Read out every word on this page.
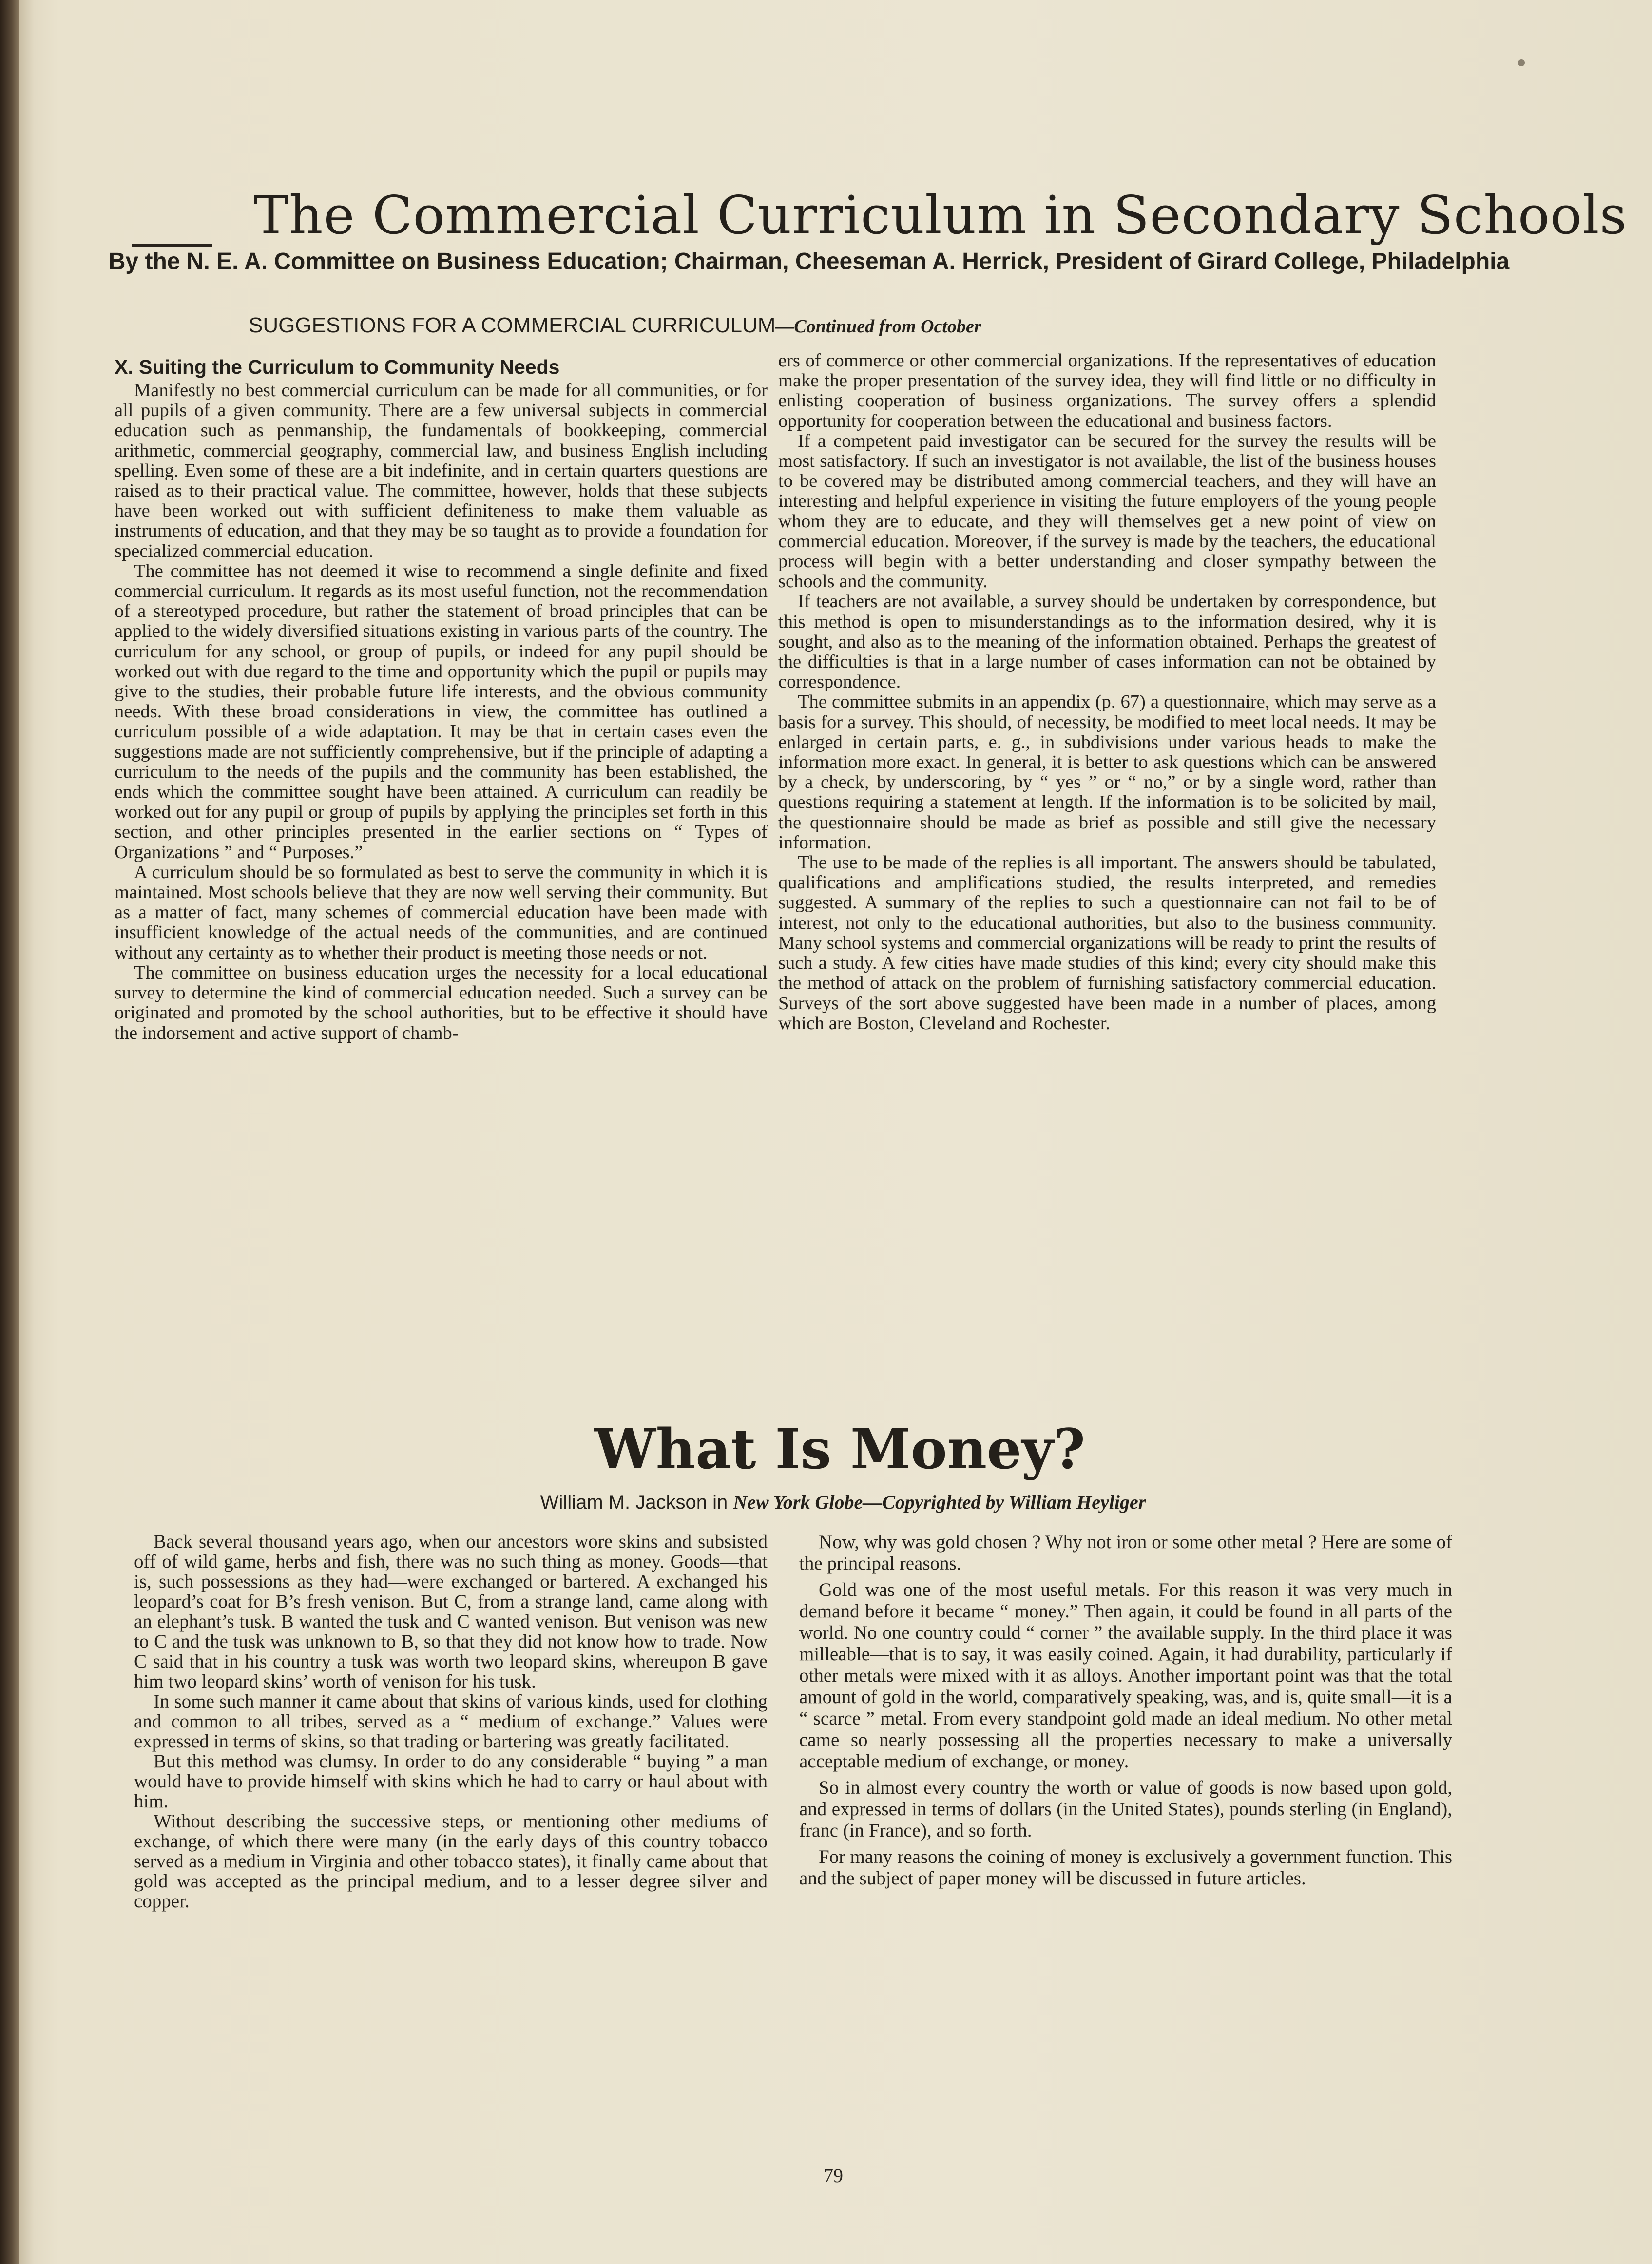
The Commercial Curriculum in Secondary Schools
By the N. E. A. Committee on Business Education; Chairman, Cheeseman A. Herrick, President of Girard College, Philadelphia
SUGGESTIONS FOR A COMMERCIAL CURRICULUM—Continued from October
X. Suiting the Curriculum to Community Needs

Manifestly no best commercial curriculum can be made for all communities, or for all pupils of a given community. There are a few universal subjects in commercial education such as penmanship, the fundamentals of bookkeeping, commercial arithmetic, commercial geography, commercial law, and business English including spelling. Even some of these are a bit indefinite, and in certain quarters questions are raised as to their practical value. The committee, however, holds that these subjects have been worked out with sufficient definiteness to make them valuable as instruments of education, and that they may be so taught as to provide a foundation for specialized commercial education.

The committee has not deemed it wise to recommend a single definite and fixed commercial curriculum. It regards as its most useful function, not the recommendation of a stereotyped procedure, but rather the statement of broad principles that can be applied to the widely diversified situations existing in various parts of the country. The curriculum for any school, or group of pupils, or indeed for any pupil should be worked out with due regard to the time and opportunity which the pupil or pupils may give to the studies, their probable future life interests, and the obvious community needs. With these broad considerations in view, the committee has outlined a curriculum possible of a wide adaptation. It may be that in certain cases even the suggestions made are not sufficiently comprehensive, but if the principle of adapting a curriculum to the needs of the pupils and the community has been established, the ends which the committee sought have been attained. A curriculum can readily be worked out for any pupil or group of pupils by applying the principles set forth in this section, and other principles presented in the earlier sections on “ Types of Organizations ” and “ Purposes.”

A curriculum should be so formulated as best to serve the community in which it is maintained. Most schools believe that they are now well serving their community. But as a matter of fact, many schemes of commercial education have been made with insufficient knowledge of the actual needs of the communities, and are continued without any certainty as to whether their product is meeting those needs or not.

The committee on business education urges the necessity for a local educational survey to determine the kind of commercial education needed. Such a survey can be originated and promoted by the school authorities, but to be effective it should have the indorsement and active support of chamb-

ers of commerce or other commercial organizations. If the representatives of education make the proper presentation of the survey idea, they will find little or no difficulty in enlisting cooperation of business organizations. The survey offers a splendid opportunity for cooperation between the educational and business factors.

If a competent paid investigator can be secured for the survey the results will be most satisfactory. If such an investigator is not available, the list of the business houses to be covered may be distributed among commercial teachers, and they will have an interesting and helpful experience in visiting the future employers of the young people whom they are to educate, and they will themselves get a new point of view on commercial education. Moreover, if the survey is made by the teachers, the educational process will begin with a better understanding and closer sympathy between the schools and the community.

If teachers are not available, a survey should be undertaken by correspondence, but this method is open to misunderstandings as to the information desired, why it is sought, and also as to the meaning of the information obtained. Perhaps the greatest of the difficulties is that in a large number of cases information can not be obtained by correspondence.

The committee submits in an appendix (p. 67) a questionnaire, which may serve as a basis for a survey. This should, of necessity, be modified to meet local needs. It may be enlarged in certain parts, e. g., in subdivisions under various heads to make the information more exact. In general, it is better to ask questions which can be answered by a check, by underscoring, by “ yes ” or “ no,” or by a single word, rather than questions requiring a statement at length. If the information is to be solicited by mail, the questionnaire should be made as brief as possible and still give the necessary information.

The use to be made of the replies is all important. The answers should be tabulated, qualifications and amplifications studied, the results interpreted, and remedies suggested. A summary of the replies to such a questionnaire can not fail to be of interest, not only to the educational authorities, but also to the business community. Many school systems and commercial organizations will be ready to print the results of such a study. A few cities have made studies of this kind; every city should make this the method of attack on the problem of furnishing satisfactory commercial education. Surveys of the sort above suggested have been made in a number of places, among which are Boston, Cleveland and Rochester.

What Is Money?
William M. Jackson in New York Globe—Copyrighted by William Heyliger

Back several thousand years ago, when our ancestors wore skins and subsisted off of wild game, herbs and fish, there was no such thing as money. Goods—that is, such possessions as they had—were exchanged or bartered. A exchanged his leopard’s coat for B’s fresh venison. But C, from a strange land, came along with an elephant’s tusk. B wanted the tusk and C wanted venison. But venison was new to C and the tusk was unknown to B, so that they did not know how to trade. Now C said that in his country a tusk was worth two leopard skins, whereupon B gave him two leopard skins’ worth of venison for his tusk.

In some such manner it came about that skins of various kinds, used for clothing and common to all tribes, served as a “ medium of exchange.” Values were expressed in terms of skins, so that trading or bartering was greatly facilitated.

But this method was clumsy. In order to do any considerable “ buying ” a man would have to provide himself with skins which he had to carry or haul about with him.

Without describing the successive steps, or mentioning other mediums of exchange, of which there were many (in the early days of this country tobacco served as a medium in Virginia and other tobacco states), it finally came about that gold was accepted as the principal medium, and to a lesser degree silver and copper.

Now, why was gold chosen ? Why not iron or some other metal ? Here are some of the principal reasons.

Gold was one of the most useful metals. For this reason it was very much in demand before it became “ money.” Then again, it could be found in all parts of the world. No one country could “ corner ” the available supply. In the third place it was milleable—that is to say, it was easily coined. Again, it had durability, particularly if other metals were mixed with it as alloys. Another important point was that the total amount of gold in the world, comparatively speaking, was, and is, quite small—it is a “ scarce ” metal. From every standpoint gold made an ideal medium. No other metal came so nearly possessing all the properties necessary to make a universally acceptable medium of exchange, or money.

So in almost every country the worth or value of goods is now based upon gold, and expressed in terms of dollars (in the United States), pounds sterling (in England), franc (in France), and so forth.

For many reasons the coining of money is exclusively a government function. This and the subject of paper money will be discussed in future articles.

79
